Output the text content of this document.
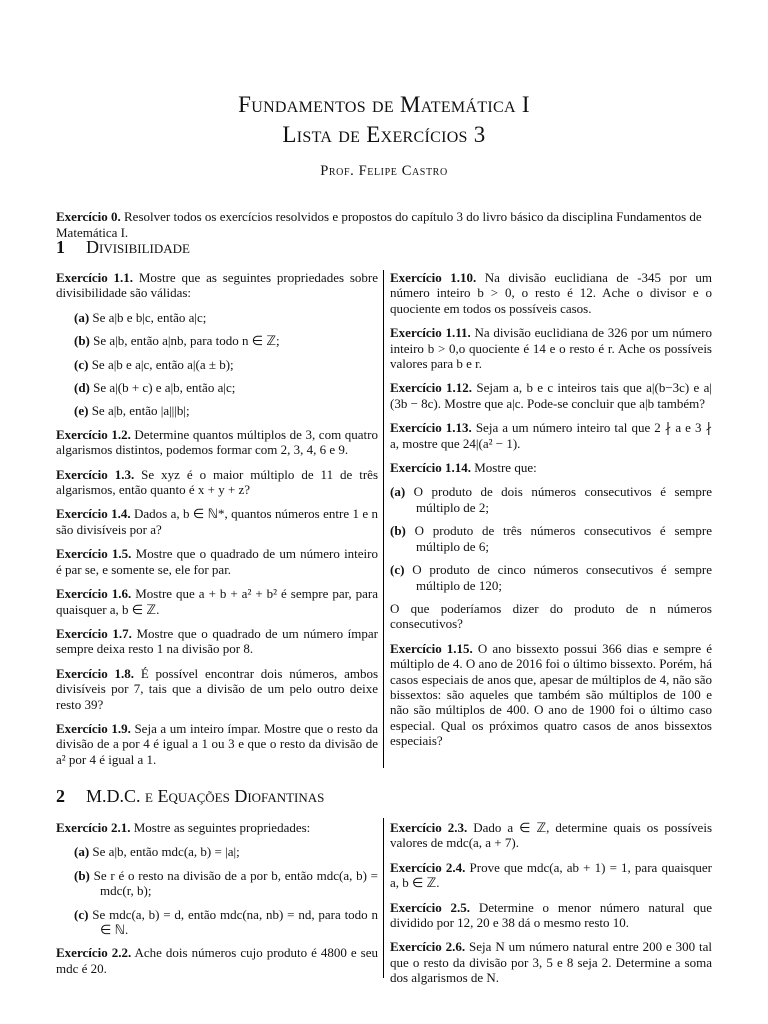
Fundamentos de Matemática I
Lista de Exercícios 3
Prof. Felipe Castro
Exercício 0. Resolver todos os exercícios resolvidos e propostos do capítulo 3 do livro básico da disciplina Fundamentos de Matemática I.
1 Divisibilidade

Exercício 1.1. Mostre que as seguintes propriedades sobre divisibilidade são válidas:

(a) Se a|b e b|c, então a|c;
(b) Se a|b, então a|nb, para todo n ∈ ℤ;
(c) Se a|b e a|c, então a|(a ± b);
(d) Se a|(b + c) e a|b, então a|c;
(e) Se a|b, então |a|||b|;

Exercício 1.2. Determine quantos múltiplos de 3, com quatro algarismos distintos, podemos formar com 2, 3, 4, 6 e 9.

Exercício 1.3. Se xyz é o maior múltiplo de 11 de três algarismos, então quanto é x + y + z?

Exercício 1.4. Dados a, b ∈ ℕ*, quantos números entre 1 e n são divisíveis por a?

Exercício 1.5. Mostre que o quadrado de um número inteiro é par se, e somente se, ele for par.

Exercício 1.6. Mostre que a + b + a² + b² é sempre par, para quaisquer a, b ∈ ℤ.

Exercício 1.7. Mostre que o quadrado de um número ímpar sempre deixa resto 1 na divisão por 8.

Exercício 1.8. É possível encontrar dois números, ambos divisíveis por 7, tais que a divisão de um pelo outro deixe resto 39?

Exercício 1.9. Seja a um inteiro ímpar. Mostre que o resto da divisão de a por 4 é igual a 1 ou 3 e que o resto da divisão de a² por 4 é igual a 1.

Exercício 1.10. Na divisão euclidiana de -345 por um número inteiro b > 0, o resto é 12. Ache o divisor e o quociente em todos os possíveis casos.

Exercício 1.11. Na divisão euclidiana de 326 por um número inteiro b > 0,o quociente é 14 e o resto é r. Ache os possíveis valores para b e r.

Exercício 1.12. Sejam a, b e c inteiros tais que a|(b−3c) e a|(3b − 8c). Mostre que a|c. Pode-se concluir que a|b também?

Exercício 1.13. Seja a um número inteiro tal que 2 ∤ a e 3 ∤ a, mostre que 24|(a² − 1).

Exercício 1.14. Mostre que:

(a) O produto de dois números consecutivos é sempre múltiplo de 2;
(b) O produto de três números consecutivos é sempre múltiplo de 6;
(c) O produto de cinco números consecutivos é sempre múltiplo de 120;

O que poderíamos dizer do produto de n números consecutivos?

Exercício 1.15. O ano bissexto possui 366 dias e sempre é múltiplo de 4. O ano de 2016 foi o último bissexto. Porém, há casos especiais de anos que, apesar de múltiplos de 4, não são bissextos: são aqueles que também são múltiplos de 100 e não são múltiplos de 400. O ano de 1900 foi o último caso especial. Qual os próximos quatro casos de anos bissextos especiais?

2 M.D.C. e Equações Diofantinas

Exercício 2.1. Mostre as seguintes propriedades:

(a) Se a|b, então mdc(a, b) = |a|;
(b) Se r é o resto na divisão de a por b, então mdc(a, b) = mdc(r, b);
(c) Se mdc(a, b) = d, então mdc(na, nb) = nd, para todo n ∈ ℕ.

Exercício 2.2. Ache dois números cujo produto é 4800 e seu mdc é 20.

Exercício 2.3. Dado a ∈ ℤ, determine quais os possíveis valores de mdc(a, a + 7).

Exercício 2.4. Prove que mdc(a, ab + 1) = 1, para quaisquer a, b ∈ ℤ.

Exercício 2.5. Determine o menor número natural que dividido por 12, 20 e 38 dá o mesmo resto 10.

Exercício 2.6. Seja N um número natural entre 200 e 300 tal que o resto da divisão por 3, 5 e 8 seja 2. Determine a soma dos algarismos de N.
